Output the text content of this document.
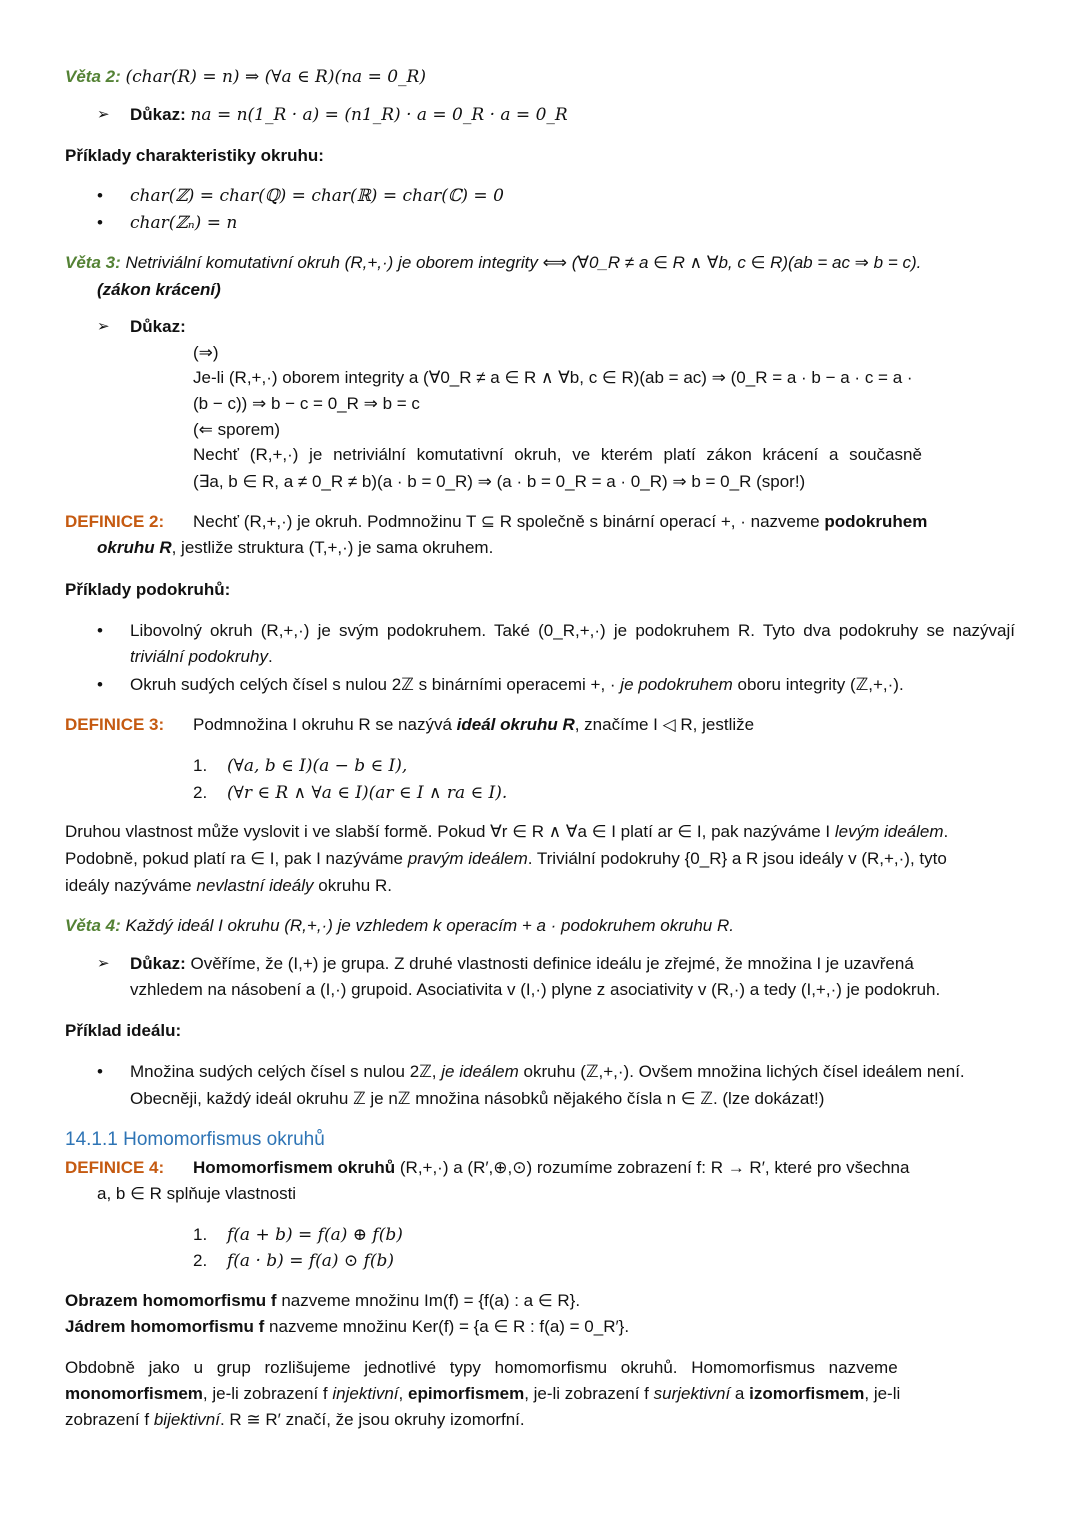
Věta 2: (char(R) = n) ⇒ (∀a ∈ R)(na = 0_R)
➢ Důkaz: na = n(1_R · a) = (n1_R) · a = 0_R · a = 0_R
Příklady charakteristiky okruhu:
•	char(ℤ) = char(ℚ) = char(ℝ) = char(ℂ) = 0
•	char(ℤₙ) = n
Věta 3: Netriviální komutativní okruh (R,+,·) je oborem integrity ⟺ (∀0_R ≠ a ∈ R ∧ ∀b, c ∈ R)(ab = ac ⇒ b = c).
(zákon krácení)
➢ Důkaz:
(⇒)
Je-li (R,+,·) oborem integrity a (∀0_R ≠ a ∈ R ∧ ∀b, c ∈ R)(ab = ac) ⇒ (0_R = a · b − a · c = a ·
(b − c)) ⇒ b − c = 0_R ⇒ b = c
(⇐ sporem)
Nechť (R,+,·) je netriviální komutativní okruh, ve kterém platí zákon krácení a současně
(∃a, b ∈ R, a ≠ 0_R ≠ b)(a · b = 0_R) ⇒ (a · b = 0_R = a · 0_R) ⇒ b = 0_R (spor!)
DEFINICE 2: Nechť (R,+,·) je okruh. Podmnožinu T ⊆ R společně s binární operací +, · nazveme podokruhem
okruhu R, jestliže struktura (T,+,·) je sama okruhem.
Příklady podokruhů:
•	Libovolný okruh (R,+,·) je svým podokruhem. Také (0_R,+,·) je podokruhem R. Tyto dva podokruhy se nazývají triviální podokruhy.
•	Okruh sudých celých čísel s nulou 2ℤ s binárními operacemi +, · je podokruhem oboru integrity (ℤ,+,·).
DEFINICE 3: Podmnožina I okruhu R se nazývá ideál okruhu R, značíme I ◁ R, jestliže
1. (∀a, b ∈ I)(a − b ∈ I),
2. (∀r ∈ R ∧ ∀a ∈ I)(ar ∈ I ∧ ra ∈ I).
Druhou vlastnost může vyslovit i ve slabší formě. Pokud ∀r ∈ R ∧ ∀a ∈ I platí ar ∈ I, pak nazýváme I levým ideálem.
Podobně, pokud platí ra ∈ I, pak I nazýváme pravým ideálem. Triviální podokruhy {0_R} a R jsou ideály v (R,+,·), tyto
ideály nazýváme nevlastní ideály okruhu R.
Věta 4: Každý ideál I okruhu (R,+,·) je vzhledem k operacím + a · podokruhem okruhu R.
➢ Důkaz: Ověříme, že (I,+) je grupa. Z druhé vlastnosti definice ideálu je zřejmé, že množina I je uzavřená
vzhledem na násobení a (I,·) grupoid. Asociativita v (I,·) plyne z asociativity v (R,·) a tedy (I,+,·) je podokruh.
Příklad ideálu:
•	Množina sudých celých čísel s nulou 2ℤ, je ideálem okruhu (ℤ,+,·). Ovšem množina lichých čísel ideálem není.
Obecněji, každý ideál okruhu ℤ je nℤ množina násobků nějakého čísla n ∈ ℤ. (lze dokázat!)
14.1.1 Homomorfismus okruhů
DEFINICE 4: Homomorfismem okruhů (R,+,·) a (R′,⊕,⊙) rozumíme zobrazení f: R → R′, které pro všechna
a, b ∈ R splňuje vlastnosti
1. f(a + b) = f(a) ⊕ f(b)
2. f(a · b) = f(a) ⊙ f(b)
Obrazem homomorfismu f nazveme množinu Im(f) = {f(a) : a ∈ R}.
Jádrem homomorfismu f nazveme množinu Ker(f) = {a ∈ R : f(a) = 0_R′}.
Obdobně jako u grup rozlišujeme jednotlivé typy homomorfismu okruhů. Homomorfismus nazveme
monomorfismem, je-li zobrazení f injektivní, epimorfismem, je-li zobrazení f surjektivní a izomorfismem, je-li
zobrazení f bijektivní. R ≅ R′ značí, že jsou okruhy izomorfní.
